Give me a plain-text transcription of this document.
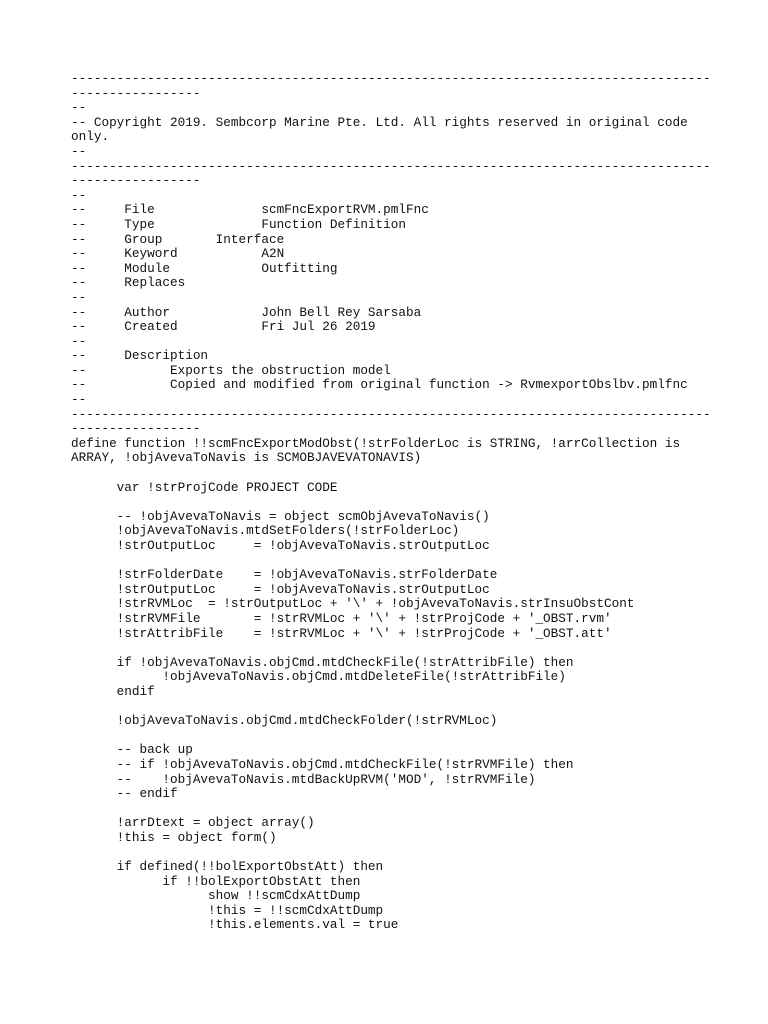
------------------------------------------------------------------------------------
-----------------
--
-- Copyright 2019. Sembcorp Marine Pte. Ltd. All rights reserved in original code
only.
--
------------------------------------------------------------------------------------
-----------------
--
--     File              scmFncExportRVM.pmlFnc
--     Type              Function Definition
--     Group       Interface
--     Keyword           A2N
--     Module            Outfitting
--     Replaces
--
--     Author            John Bell Rey Sarsaba
--     Created           Fri Jul 26 2019
--
--     Description
--           Exports the obstruction model
--           Copied and modified from original function -> RvmexportObslbv.pmlfnc
--
------------------------------------------------------------------------------------
-----------------
define function !!scmFncExportModObst(!strFolderLoc is STRING, !arrCollection is
ARRAY, !objAvevaToNavis is SCMOBJAVEVATONAVIS)
var !strProjCode PROJECT CODE
-- !objAvevaToNavis = object scmObjAvevaToNavis()
!objAvevaToNavis.mtdSetFolders(!strFolderLoc)
!strOutputLoc     = !objAvevaToNavis.strOutputLoc
!strFolderDate    = !objAvevaToNavis.strFolderDate
!strOutputLoc     = !objAvevaToNavis.strOutputLoc
!strRVMLoc  = !strOutputLoc + '\' + !objAvevaToNavis.strInsuObstCont
!strRVMFile       = !strRVMLoc + '\' + !strProjCode + '_OBST.rvm'
!strAttribFile    = !strRVMLoc + '\' + !strProjCode + '_OBST.att'
if !objAvevaToNavis.objCmd.mtdCheckFile(!strAttribFile) then
!objAvevaToNavis.objCmd.mtdDeleteFile(!strAttribFile)
endif
!objAvevaToNavis.objCmd.mtdCheckFolder(!strRVMLoc)
-- back up
-- if !objAvevaToNavis.objCmd.mtdCheckFile(!strRVMFile) then
--    !objAvevaToNavis.mtdBackUpRVM('MOD', !strRVMFile)
-- endif
!arrDtext = object array()
!this = object form()
if defined(!!bolExportObstAtt) then
if !!bolExportObstAtt then
show !!scmCdxAttDump
!this = !!scmCdxAttDump
!this.elements.val = true
